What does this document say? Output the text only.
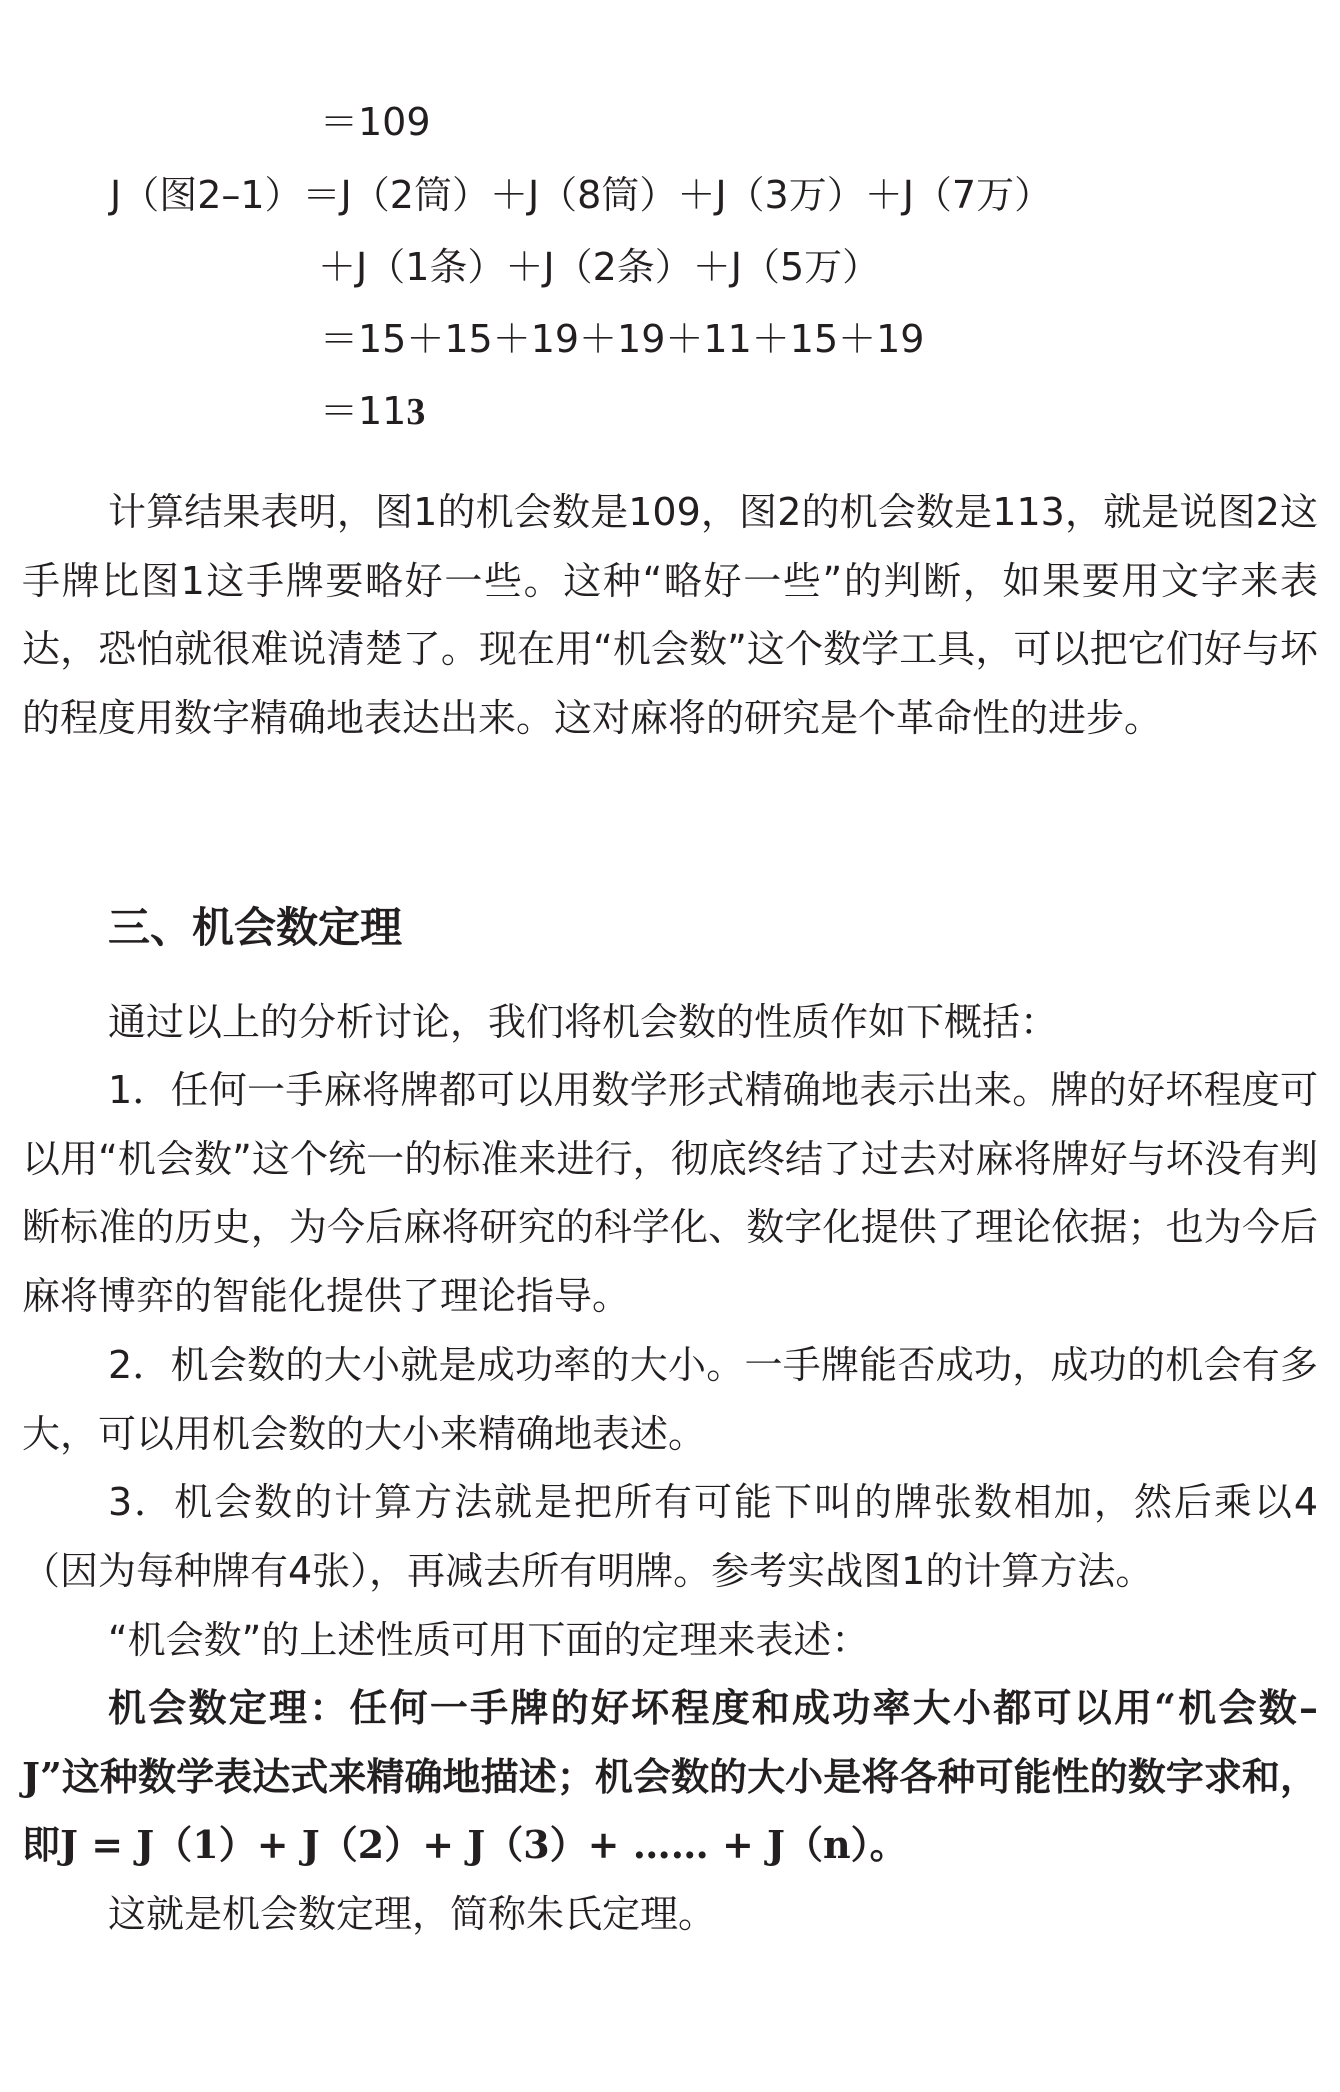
＝109
J（图2–1）＝J（2筒）＋J（8筒）＋J（3万）＋J（7万）
＋J（1条）＋J（2条）＋J（5万）
＝15＋15＋19＋19＋11＋15＋19
＝113

计算结果表明，图1的机会数是109，图2的机会数是113，就是说图2这手牌比图1这手牌要略好一些。这种“略好一些”的判断，如果要用文字来表达，恐怕就很难说清楚了。现在用“机会数”这个数学工具，可以把它们好与坏的程度用数字精确地表达出来。这对麻将的研究是个革命性的进步。

三、机会数定理

通过以上的分析讨论，我们将机会数的性质作如下概括：

1．任何一手麻将牌都可以用数学形式精确地表示出来。牌的好坏程度可以用“机会数”这个统一的标准来进行，彻底终结了过去对麻将牌好与坏没有判断标准的历史，为今后麻将研究的科学化、数字化提供了理论依据；也为今后麻将博弈的智能化提供了理论指导。

2．机会数的大小就是成功率的大小。一手牌能否成功，成功的机会有多大，可以用机会数的大小来精确地表述。

3．机会数的计算方法就是把所有可能下叫的牌张数相加，然后乘以4（因为每种牌有4张），再减去所有明牌。参考实战图1的计算方法。

“机会数”的上述性质可用下面的定理来表述：

机会数定理：任何一手牌的好坏程度和成功率大小都可以用“机会数–J”这种数学表达式来精确地描述；机会数的大小是将各种可能性的数字求和，即J = J（1）+ J（2）+ J（3）+ …… + J（n）。

这就是机会数定理，简称朱氏定理。
